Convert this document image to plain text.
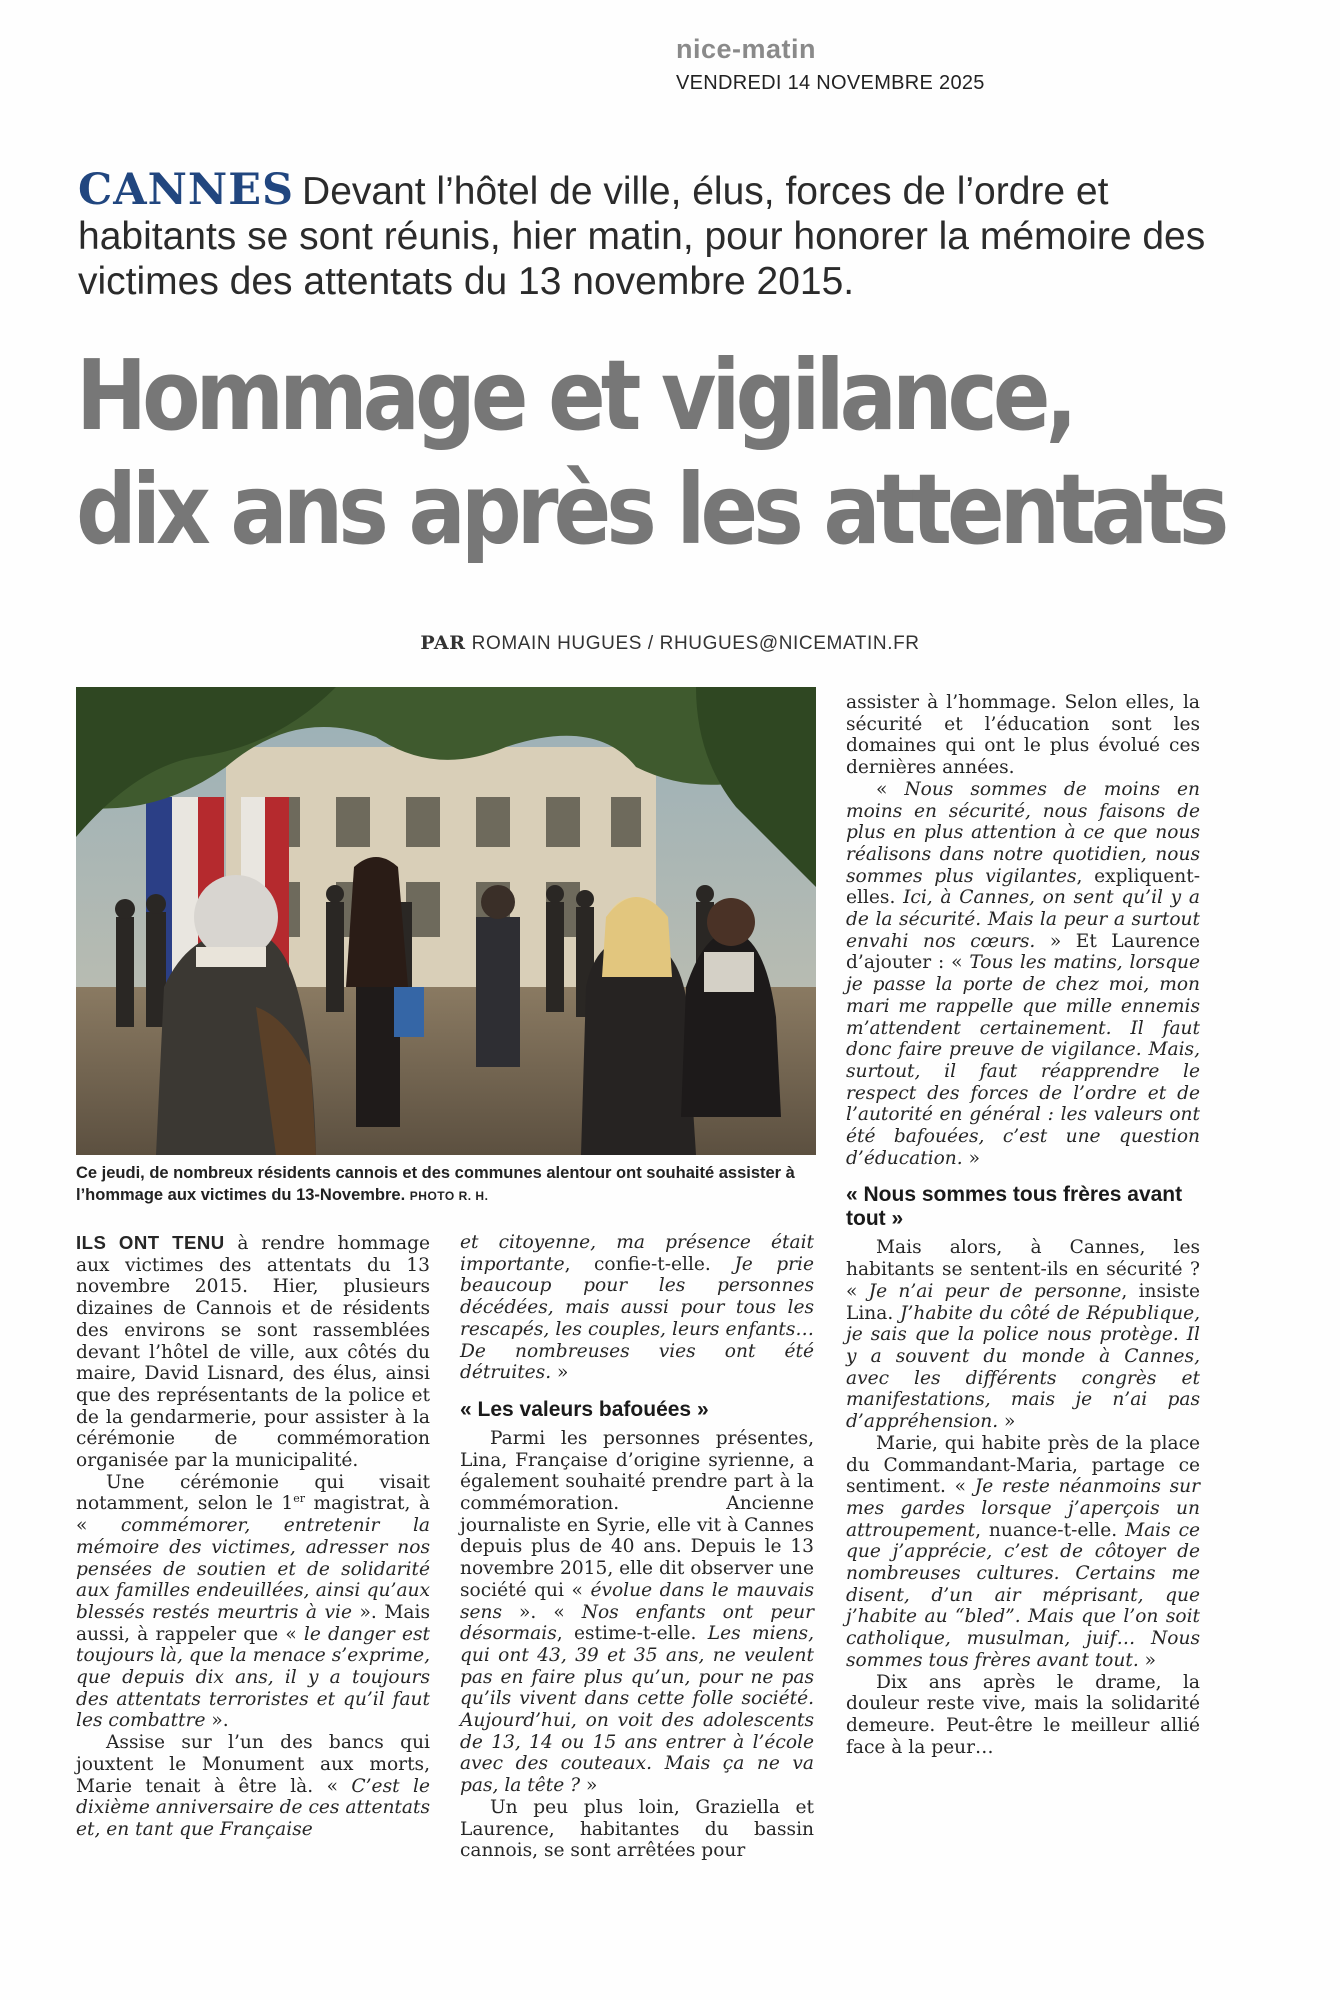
nice-matin
VENDREDI 14 NOVEMBRE 2025

CANNES Devant l’hôtel de ville, élus, forces de l’ordre et habitants se sont réunis, hier matin, pour honorer la mémoire des victimes des attentats du 13 novembre 2015.

Hommage et vigilance,
dix ans après les attentats
PAR ROMAIN HUGUES / RHUGUES@NICEMATIN.FR

Ce jeudi, de nombreux résidents cannois et des communes alentour ont souhaité assister à l’hommage aux victimes du 13-Novembre. PHOTO R. H.

ILS ONT TENU à rendre hommage aux victimes des attentats du 13 novembre 2015. Hier, plusieurs dizaines de Cannois et de résidents des environs se sont rassemblées devant l’hôtel de ville, aux côtés du maire, David Lisnard, des élus, ainsi que des représentants de la police et de la gendarmerie, pour assister à la cérémonie de commémoration organisée par la municipalité.

Une cérémonie qui visait notamment, selon le 1er magistrat, à « commémorer, entretenir la mémoire des victimes, adresser nos pensées de soutien et de solidarité aux familles endeuillées, ainsi qu’aux blessés restés meurtris à vie ». Mais aussi, à rappeler que « le danger est toujours là, que la menace s’exprime, que depuis dix ans, il y a toujours des attentats terroristes et qu’il faut les combattre ».

Assise sur l’un des bancs qui jouxtent le Monument aux morts, Marie tenait à être là. « C’est le dixième anniversaire de ces attentats et, en tant que Française

et citoyenne, ma présence était importante, confie-t-elle. Je prie beaucoup pour les personnes décédées, mais aussi pour tous les rescapés, les couples, leurs enfants… De nombreuses vies ont été détruites. »

« Les valeurs bafouées »

Parmi les personnes présentes, Lina, Française d’origine syrienne, a également souhaité prendre part à la commémoration. Ancienne journaliste en Syrie, elle vit à Cannes depuis plus de 40 ans. Depuis le 13 novembre 2015, elle dit observer une société qui « évolue dans le mauvais sens ». « Nos enfants ont peur désormais, estime-t-elle. Les miens, qui ont 43, 39 et 35 ans, ne veulent pas en faire plus qu’un, pour ne pas qu’ils vivent dans cette folle société. Aujourd’hui, on voit des adolescents de 13, 14 ou 15 ans entrer à l’école avec des couteaux. Mais ça ne va pas, la tête ? »

Un peu plus loin, Graziella et Laurence, habitantes du bassin cannois, se sont arrêtées pour

assister à l’hommage. Selon elles, la sécurité et l’éducation sont les domaines qui ont le plus évolué ces dernières années.

« Nous sommes de moins en moins en sécurité, nous faisons de plus en plus attention à ce que nous réalisons dans notre quotidien, nous sommes plus vigilantes, expliquent-elles. Ici, à Cannes, on sent qu’il y a de la sécurité. Mais la peur a surtout envahi nos cœurs. » Et Laurence d’ajouter : « Tous les matins, lorsque je passe la porte de chez moi, mon mari me rappelle que mille ennemis m’attendent certainement. Il faut donc faire preuve de vigilance. Mais, surtout, il faut réapprendre le respect des forces de l’ordre et de l’autorité en général : les valeurs ont été bafouées, c’est une question d’éducation. »

« Nous sommes tous frères avant tout »

Mais alors, à Cannes, les habitants se sentent-ils en sécurité ? « Je n’ai peur de personne, insiste Lina. J’habite du côté de République, je sais que la police nous protège. Il y a souvent du monde à Cannes, avec les différents congrès et manifestations, mais je n’ai pas d’appréhension. »

Marie, qui habite près de la place du Commandant-Maria, partage ce sentiment. « Je reste néanmoins sur mes gardes lorsque j’aperçois un attroupement, nuance-t-elle. Mais ce que j’apprécie, c’est de côtoyer de nombreuses cultures. Certains me disent, d’un air méprisant, que j’habite au “bled”. Mais que l’on soit catholique, musulman, juif… Nous sommes tous frères avant tout. »

Dix ans après le drame, la douleur reste vive, mais la solidarité demeure. Peut-être le meilleur allié face à la peur…
